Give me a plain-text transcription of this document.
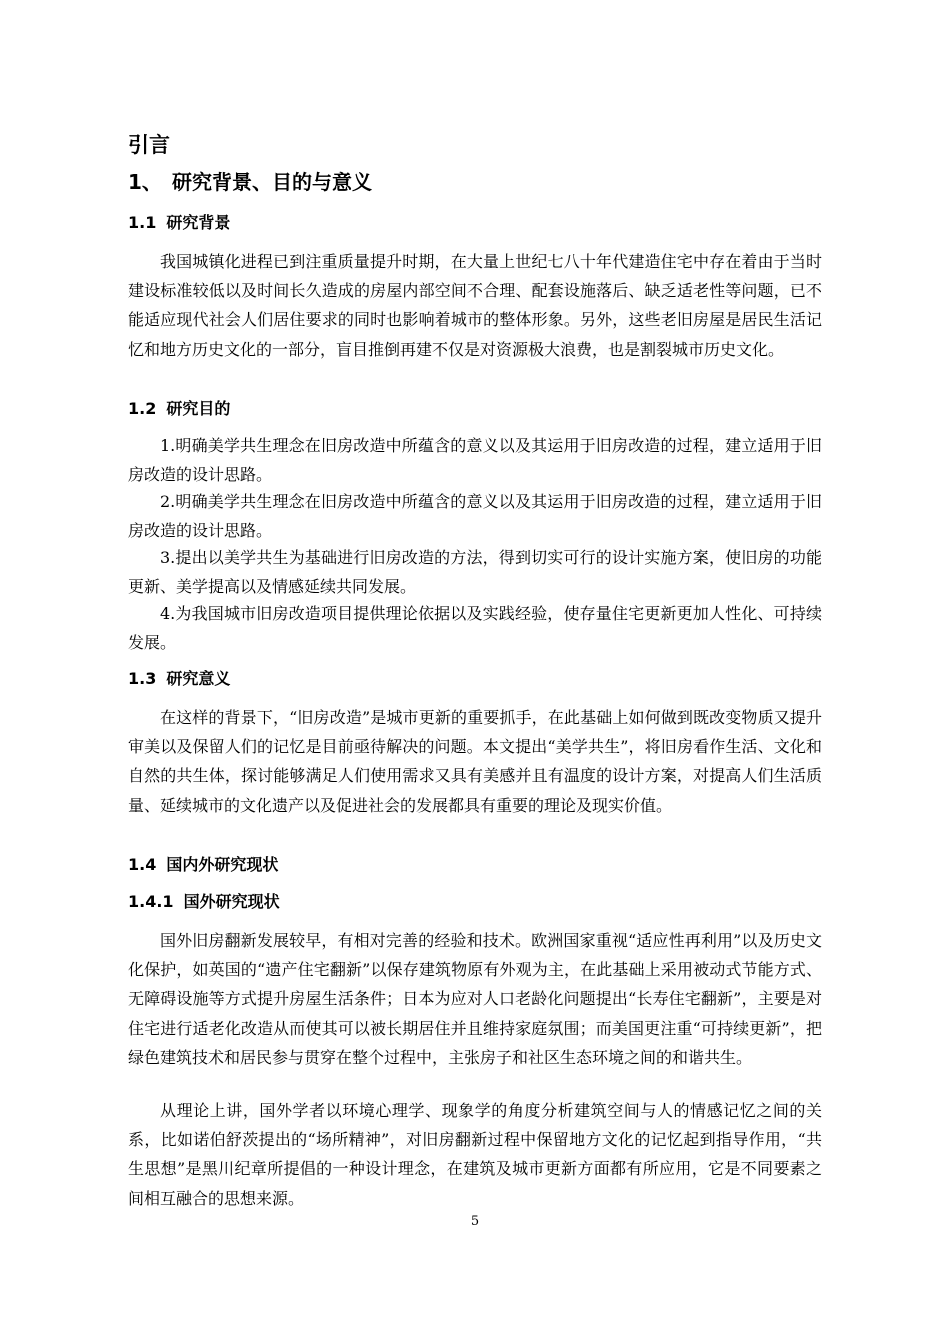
引言
1、 研究背景、目的与意义
1.1 研究背景

我国城镇化进程已到注重质量提升时期，在大量上世纪七八十年代建造住宅中存在着由于当时建设标准较低以及时间长久造成的房屋内部空间不合理、配套设施落后、缺乏适老性等问题，已不能适应现代社会人们居住要求的同时也影响着城市的整体形象。另外，这些老旧房屋是居民生活记忆和地方历史文化的一部分，盲目推倒再建不仅是对资源极大浪费，也是割裂城市历史文化。

1.2 研究目的

1.明确美学共生理念在旧房改造中所蕴含的意义以及其运用于旧房改造的过程，建立适用于旧房改造的设计思路。

2.明确美学共生理念在旧房改造中所蕴含的意义以及其运用于旧房改造的过程，建立适用于旧房改造的设计思路。

3.提出以美学共生为基础进行旧房改造的方法，得到切实可行的设计实施方案，使旧房的功能更新、美学提高以及情感延续共同发展。

4.为我国城市旧房改造项目提供理论依据以及实践经验，使存量住宅更新更加人性化、可持续发展。

1.3 研究意义

在这样的背景下，“旧房改造”是城市更新的重要抓手，在此基础上如何做到既改变物质又提升审美以及保留人们的记忆是目前亟待解决的问题。本文提出“美学共生”，将旧房看作生活、文化和自然的共生体，探讨能够满足人们使用需求又具有美感并且有温度的设计方案，对提高人们生活质量、延续城市的文化遗产以及促进社会的发展都具有重要的理论及现实价值。

1.4 国内外研究现状
1.4.1 国外研究现状

国外旧房翻新发展较早，有相对完善的经验和技术。欧洲国家重视“适应性再利用”以及历史文化保护，如英国的“遗产住宅翻新”以保存建筑物原有外观为主，在此基础上采用被动式节能方式、无障碍设施等方式提升房屋生活条件；日本为应对人口老龄化问题提出“长寿住宅翻新”，主要是对住宅进行适老化改造从而使其可以被长期居住并且维持家庭氛围；而美国更注重“可持续更新”，把绿色建筑技术和居民参与贯穿在整个过程中，主张房子和社区生态环境之间的和谐共生。

从理论上讲，国外学者以环境心理学、现象学的角度分析建筑空间与人的情感记忆之间的关系，比如诺伯舒茨提出的“场所精神”，对旧房翻新过程中保留地方文化的记忆起到指导作用，“共生思想”是黑川纪章所提倡的一种设计理念，在建筑及城市更新方面都有所应用，它是不同要素之间相互融合的思想来源。

5
